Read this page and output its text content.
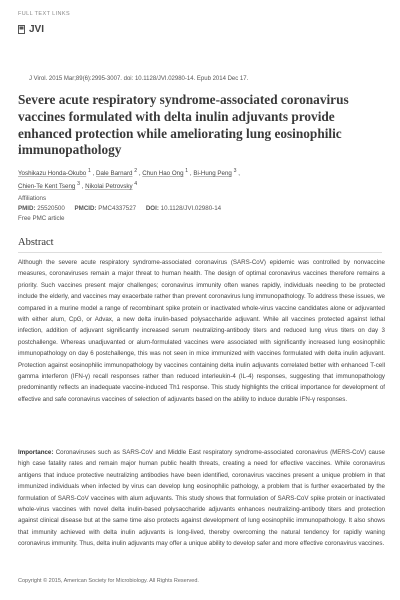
FULL TEXT LINKS
JVI
J Virol. 2015 Mar;89(6):2995-3007. doi: 10.1128/JVI.02980-14. Epub 2014 Dec 17.
Severe acute respiratory syndrome-associated coronavirus vaccines formulated with delta inulin adjuvants provide enhanced protection while ameliorating lung eosinophilic immunopathology
Yoshikazu Honda-Okubo $^1$ , Dale Barnard $^2$ , Chun Hao Ong $^1$ , Bi-Hung Peng $^3$ ,
Chien-Te Kent Tseng $^3$ , Nikolai Petrovsky $^4$
Affiliations
PMID: 25520500 PMCID: PMC4337527 DOI: 10.1128/JVI.02980-14
Free PMC article
Abstract
Although the severe acute respiratory syndrome-associated coronavirus (SARS-CoV) epidemic was controlled by nonvaccine measures, coronaviruses remain a major threat to human health. The design of optimal coronavirus vaccines therefore remains a priority. Such vaccines present major challenges; coronavirus immunity often wanes rapidly, individuals needing to be protected include the elderly, and vaccines may exacerbate rather than prevent coronavirus lung immunopathology. To address these issues, we compared in a murine model a range of recombinant spike protein or inactivated whole-virus vaccine candidates alone or adjuvanted with either alum, CpG, or Advax, a new delta inulin-based polysaccharide adjuvant. While all vaccines protected against lethal infection, addition of adjuvant significantly increased serum neutralizing-antibody titers and reduced lung virus titers on day 3 postchallenge. Whereas unadjuvanted or alum-formulated vaccines were associated with significantly increased lung eosinophilic immunopathology on day 6 postchallenge, this was not seen in mice immunized with vaccines formulated with delta inulin adjuvant. Protection against eosinophilic immunopathology by vaccines containing delta inulin adjuvants correlated better with enhanced T-cell gamma interferon (IFN-γ) recall responses rather than reduced interleukin-4 (IL-4) responses, suggesting that immunopathology predominantly reflects an inadequate vaccine-induced Th1 response. This study highlights the critical importance for development of effective and safe coronavirus vaccines of selection of adjuvants based on the ability to induce durable IFN-γ responses.
Importance: Coronaviruses such as SARS-CoV and Middle East respiratory syndrome-associated coronavirus (MERS-CoV) cause high case fatality rates and remain major human public health threats, creating a need for effective vaccines. While coronavirus antigens that induce protective neutralizing antibodies have been identified, coronavirus vaccines present a unique problem in that immunized individuals when infected by virus can develop lung eosinophilic pathology, a problem that is further exacerbated by the formulation of SARS-CoV vaccines with alum adjuvants. This study shows that formulation of SARS-CoV spike protein or inactivated whole-virus vaccines with novel delta inulin-based polysaccharide adjuvants enhances neutralizing-antibody titers and protection against clinical disease but at the same time also protects against development of lung eosinophilic immunopathology. It also shows that immunity achieved with delta inulin adjuvants is long-lived, thereby overcoming the natural tendency for rapidly waning coronavirus immunity. Thus, delta inulin adjuvants may offer a unique ability to develop safer and more effective coronavirus vaccines.
Copyright © 2015, American Society for Microbiology. All Rights Reserved.
